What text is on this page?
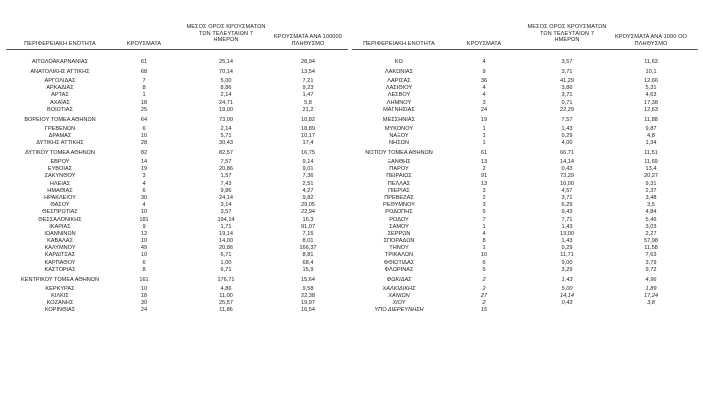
ΠΕΡΙΦΕΡΕΙΑΚΗ ΕΝΟΤΗΤΑ	ΚΡΟΥΣΜΑΤΑ
ΜΕΣΟΣ ΟΡΟΣ ΚΡΟΥΣΜΑΤΩΝ
ΤΩΝ ΤΕΛΕΥΤΑΙΩΝ 7
ΗΜΕΡΩΝ
ΚΡΟΥΣΜΑΤΑ ΑΝΑ 100000
ΠΛΗΘΥΣΜΟ	ΠΕΡΙΦΕΡΕΙΑΚΗ ΕΝΟΤΗΤΑ	ΚΡΟΥΣΜΑΤΑ
ΜΕΣΟΣ ΟΡΟΣ ΚΡΟΥΣΜΑΤΩΝ
ΤΩΝ ΤΕΛΕΥΤΑΙΩΝ 7
ΗΜΕΡΩΝ
ΚΡΟΥΣΜΑΤΑ ΑΝΑ 1000 ΟΟ
ΠΛΗΘΥΣΜΟ
ΑΙΤΩΛΟΑΚΑΡΝΑΝΙΑΣ	61	25,14	28,94	ΚΩ	4	3,57	11,63
ΑΝΑΤΟΛΙΚΗΣ ΑΤΤΙΚΗΣ	68	70,14	13,54	ΛΑΚΩΝΙΑΣ	9	3,71	10,1
ΑΡΓΟΛΙΔΑΣ	7	5,00	7,21	ΛΑΡΙΣΑΣ	36	41,29	12,66
ΑΡΚΑΔΙΑΣ	8	8,86	9,23	ΛΑΣΙΘΙΟΥ	4	3,86	5,31
ΑΡΤΑΣ	1	2,14	1,47	ΛΕΣΒΟΥ	4	3,71	4,63
ΑΧΑΪΑΣ	18	24,71	5,8	ΛΗΜΝΟΥ	3	0,71	17,38
ΒΟΙΩΤΙΑΣ	25	19,00	21,2	ΜΑΓΝΗΣΙΑΣ	24	22,29	12,63
ΒΟΡΕΙΟΥ ΤΟΜΕΑ ΑΘΗΝΩΝ	64	73,00	10,82	ΜΕΣΣΗΝΙΑΣ	19	7,57	11,88
ΓΡΕΒΕΝΩΝ	6	2,14	18,89	ΜΥΚΟΝΟΥ	1	1,43	9,87
ΔΡΑΜΑΣ	10	5,71	10,17	ΝΑΞΟΥ	1	0,29	4,8
ΔΥΤΙΚΗΣ ΑΤΤΙΚΗΣ	28	30,43	17,4	ΝΗΣΩΝ	1	4,00	1,34
ΔΥΤΙΚΟΥ ΤΟΜΕΑ ΑΘΗΝΩΝ	82	82,57	16,75	ΝΟΤΙΟΥ ΤΟΜΕΑ ΑΘΗΝΩΝ	61	66,71	11,51
ΕΒΡΟΥ	14	7,57	9,14	ΞΑΝΘΗΣ	13	14,14	11,69
ΕΥΒΟΙΑΣ	19	20,86	9,01	ΠΑΡΟΥ	2	0,43	13,4
ΖΑΚΥΝΘΟΥ	3	1,57	7,36	ΠΕΙΡΑΙΩΣ	91	73,29	20,27
ΗΛΕΙΑΣ	4	7,43	2,51	ΠΕΛΛΑΣ	13	10,00	9,31
ΗΜΑΘΙΑΣ	6	9,86	4,27	ΠΙΕΡΙΑΣ	3	4,57	2,37
ΗΡΑΚΛΕΙΟΥ	30	24,14	9,82	ΠΡΕΒΕΖΑΣ	2	3,71	3,48
ΘΑΣΟΥ	4	3,14	29,05	ΡΕΘΥΜΝΟΥ	3	6,29	3,5
ΘΕΣΠΡΩΤΙΑΣ	10	3,57	22,94	ΡΟΔΟΠΗΣ	5	9,43	4,84
ΘΕΣΣΑΛΟΝΙΚΗΣ	181	194,14	16,3	ΡΟΔΟΥ	7	7,71	5,46
ΙΚΑΡΙΑΣ	9	1,71	91,07	ΣΑΜΟΥ	1	1,43	3,03
ΙΩΑΝΝΙΝΩΝ	12	19,14	7,15	ΣΕΡΡΩΝ	4	13,00	2,27
ΚΑΒΑΛΑΣ	10	14,00	8,01	ΣΠΟΡΑΔΩΝ	8	1,43	57,98
ΚΑΛΥΜΝΟΥ	49	20,86	166,37	ΤΗΝΟΥ	1	0,29	11,58
ΚΑΡΔΙΤΣΑΣ	10	6,71	8,81	ΤΡΙΚΑΛΩΝ	10	11,71	7,63
ΚΑΡΠΑΘΟΥ	6	1,00	68,4	ΦΘΙΩΤΙΔΑΣ	6	9,00	3,79
ΚΑΣΤΟΡΙΑΣ	8	6,71	15,9	ΦΛΩΡΙΝΑΣ	5	3,29	9,72
ΚΕΝΤΡΙΚΟΥ ΤΟΜΕΑ ΑΘΗΝΩΝ	161	176,71	15,64	ΦΩΚΙΔΑΣ	2	1,43	4,96
ΚΕΡΚΥΡΑΣ	10	4,86	9,58	ΧΑΛΚΙΔΙΚΗΣ	2	5,00	1,89
ΚΙΛΚΙΣ	18	11,00	22,38	ΧΑΝΙΩΝ	27	14,14	17,24
ΚΟΖΑΝΗΣ	30	25,57	19,97	ΧΙΟΥ	2	0,43	3,8
ΚΟΡΙΝΘΙΑΣ	24	11,86	16,54	ΥΠΟ ΔΙΕΡΕΥΝΗΣΗ	15
